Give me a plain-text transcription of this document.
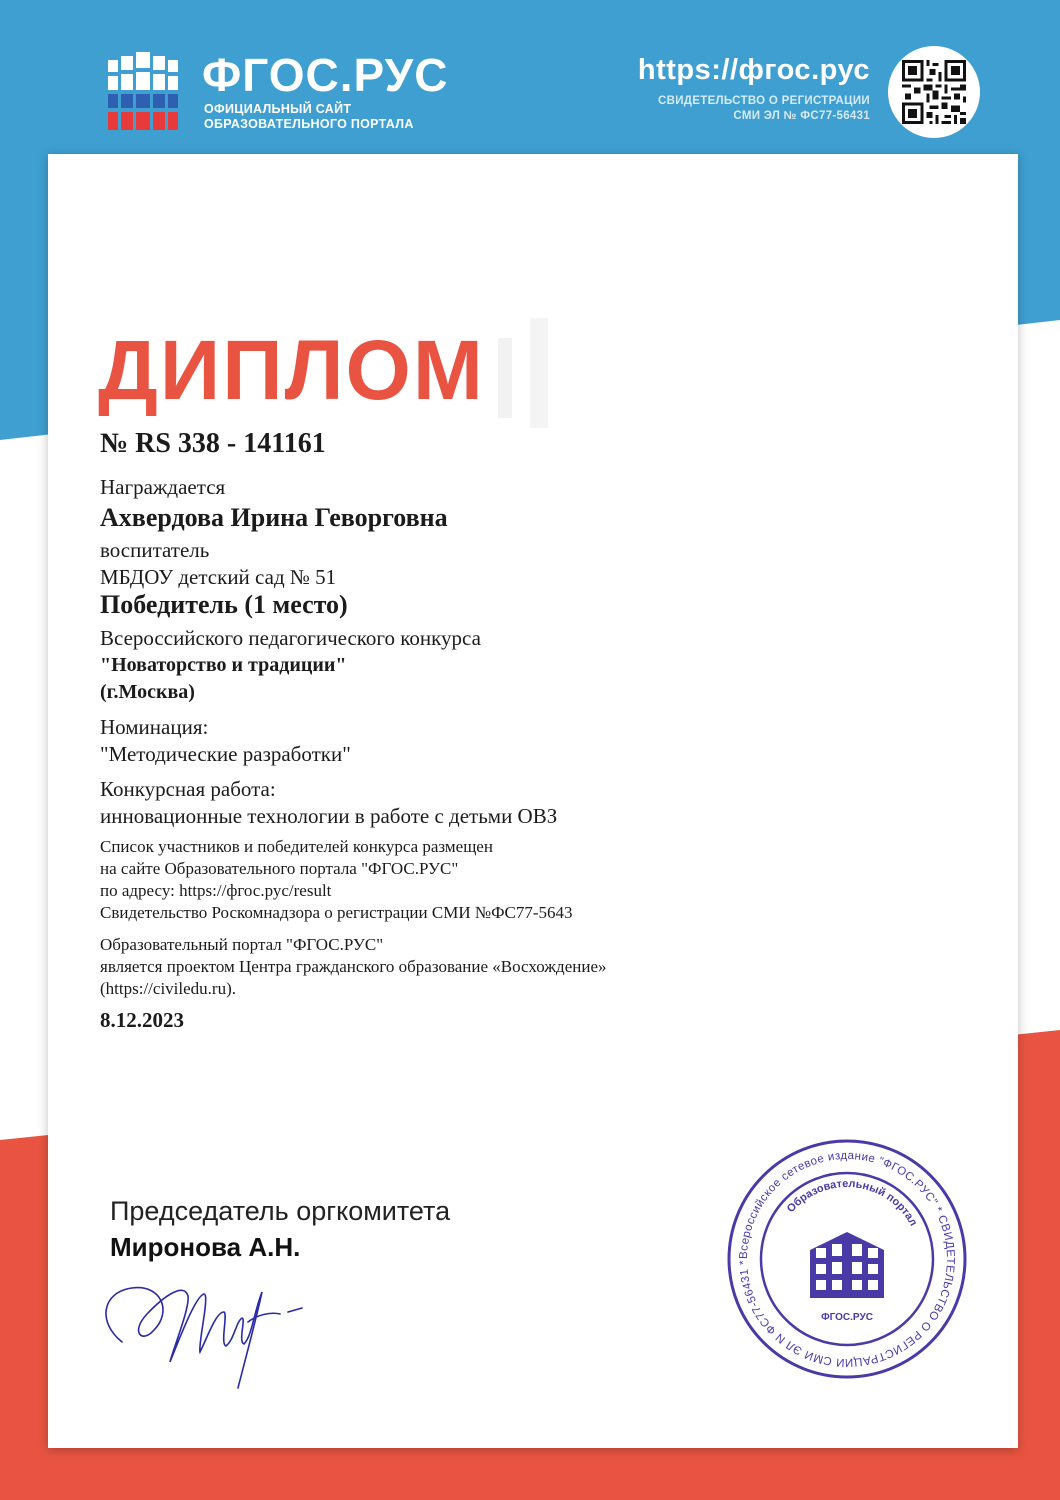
ФГОС.РУС
ОФИЦИАЛЬНЫЙ САЙТ
ОБРАЗОВАТЕЛЬНОГО ПОРТАЛА
https://фгос.рус
СВИДЕТЕЛЬСТВО О РЕГИСТРАЦИИ
СМИ ЭЛ № ФС77-56431
ДИПЛОМ
№ RS 338 - 141161
Награждается
Ахвердова Ирина Геворговна
воспитатель
МБДОУ детский сад № 51
Победитель (1 место)
Всероссийского педагогического конкурса
"Новаторство и традиции"
(г.Москва)
Номинация:
"Методические разработки"
Конкурсная работа:
инновационные технологии в работе с детьми ОВЗ
Список участников и победителей конкурса размещен
на сайте Образовательного портала "ФГОС.РУС"
по адресу: https://фгос.рус/result
Свидетельство Роскомнадзора о регистрации СМИ №ФС77-5643
Образовательный портал "ФГОС.РУС"
является проектом Центра гражданского образование «Восхождение»
(https://civiledu.ru).
8.12.2023
Председатель оргкомитета
Миронова А.Н.	Всероссийское сетевое издание "ФГОС.РУС" * СВИДЕТЕЛЬСТВО О РЕГИСТРАЦИИ СМИ ЭЛ N ФС77-56431 *
Образовательный портал
ФГОС.РУС
